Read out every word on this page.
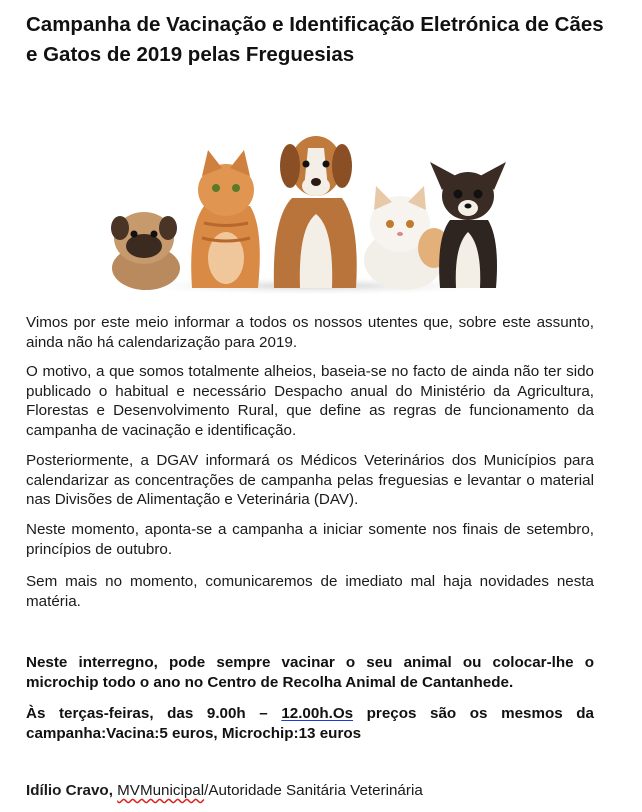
Campanha de Vacinação e Identificação Eletrónica de Cães e Gatos de 2019 pelas Freguesias

Vimos por este meio informar a todos os nossos utentes que, sobre este assunto, ainda não há calendarização para 2019.

O motivo, a que somos totalmente alheios, baseia-se no facto de ainda não ter sido publicado o habitual e necessário Despacho anual do Ministério da Agricultura, Florestas e Desenvolvimento Rural, que define as regras de funcionamento da campanha de vacinação e identificação.

Posteriormente, a DGAV informará os Médicos Veterinários dos Municípios para calendarizar as concentrações de campanha pelas freguesias e levantar o material nas Divisões de Alimentação e Veterinária (DAV).

Neste momento, aponta-se a campanha a iniciar somente nos finais de setembro, princípios de outubro.

Sem mais no momento, comunicaremos de imediato mal haja novidades nesta matéria.

Neste interregno, pode sempre vacinar o seu animal ou colocar-lhe o microchip todo o ano no Centro de Recolha Animal de Cantanhede.

Às terças-feiras, das 9.00h – 12.00h.Os preços são os mesmos da campanha:Vacina:5 euros, Microchip:13 euros

Idílio Cravo, MVMunicipal/Autoridade Sanitária Veterinária
